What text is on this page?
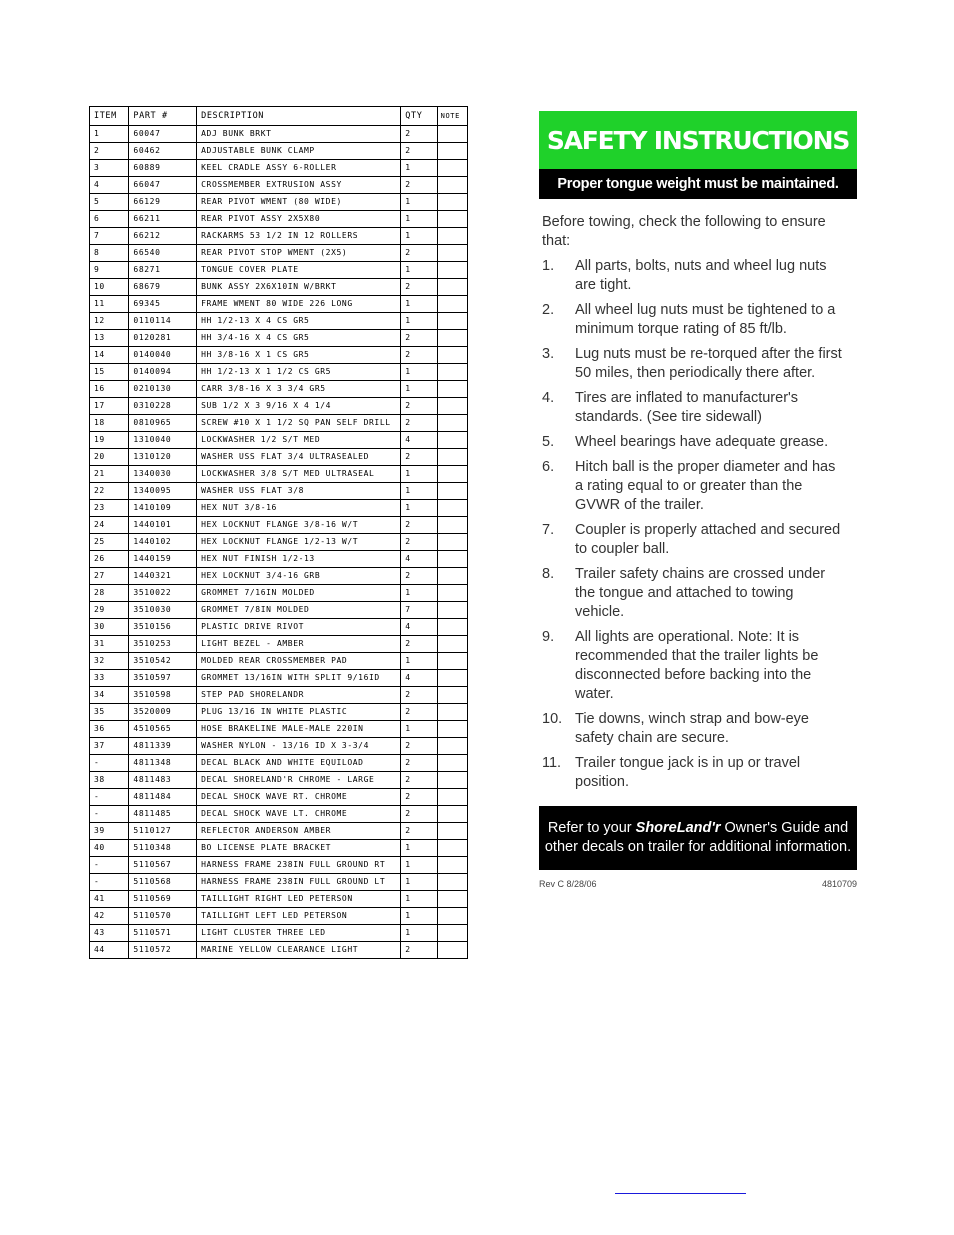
ITEM	PART #	DESCRIPTION	QTY	NOTE
1	60047	ADJ BUNK BRKT	2	
2	60462	ADJUSTABLE BUNK CLAMP	2	
3	60889	KEEL CRADLE ASSY 6-ROLLER	1	
4	66047	CROSSMEMBER EXTRUSION ASSY	2	
5	66129	REAR PIVOT WMENT (80 WIDE)	1	
6	66211	REAR PIVOT ASSY 2X5X80	1	
7	66212	RACKARMS 53 1/2 IN 12 ROLLERS	1	
8	66540	REAR PIVOT STOP WMENT (2X5)	2	
9	68271	TONGUE COVER PLATE	1	
10	68679	BUNK ASSY 2X6X10IN W/BRKT	2	
11	69345	FRAME WMENT 80 WIDE 226 LONG	1	
12	0110114	HH 1/2-13 X 4 CS GR5	1	
13	0120281	HH 3/4-16 X 4 CS GR5	2	
14	0140040	HH 3/8-16 X 1 CS GR5	2	
15	0140094	HH 1/2-13 X 1 1/2 CS GR5	1	
16	0210130	CARR 3/8-16 X 3 3/4 GR5	1	
17	0310228	SUB 1/2 X 3 9/16 X 4 1/4	2	
18	0810965	SCREW #10 X 1 1/2 SQ PAN SELF DRILL	2	
19	1310040	LOCKWASHER 1/2 S/T MED	4	
20	1310120	WASHER USS FLAT 3/4 ULTRASEALED	2	
21	1340030	LOCKWASHER 3/8 S/T MED ULTRASEAL	1	
22	1340095	WASHER USS FLAT 3/8	1	
23	1410109	HEX NUT 3/8-16	1	
24	1440101	HEX LOCKNUT FLANGE 3/8-16 W/T	2	
25	1440102	HEX LOCKNUT FLANGE 1/2-13 W/T	2	
26	1440159	HEX NUT FINISH 1/2-13	4	
27	1440321	HEX LOCKNUT 3/4-16 GRB	2	
28	3510022	GROMMET 7/16IN MOLDED	1	
29	3510030	GROMMET 7/8IN MOLDED	7	
30	3510156	PLASTIC DRIVE RIVOT	4	
31	3510253	LIGHT BEZEL - AMBER	2	
32	3510542	MOLDED REAR CROSSMEMBER PAD	1	
33	3510597	GROMMET 13/16IN WITH SPLIT 9/16ID	4	
34	3510598	STEP PAD SHORELANDR	2	
35	3520009	PLUG 13/16 IN WHITE PLASTIC	2	
36	4510565	HOSE BRAKELINE MALE-MALE 220IN	1	
37	4811339	WASHER NYLON - 13/16 ID X 3-3/4	2	
-	4811348	DECAL BLACK AND WHITE EQUILOAD	2	
38	4811483	DECAL SHORELAND'R CHROME - LARGE	2	
-	4811484	DECAL SHOCK WAVE RT. CHROME	2	
-	4811485	DECAL SHOCK WAVE LT. CHROME	2	
39	5110127	REFLECTOR ANDERSON AMBER	2	
40	5110348	BO LICENSE PLATE BRACKET	1	
-	5110567	HARNESS FRAME 238IN FULL GROUND RT	1	
-	5110568	HARNESS FRAME 238IN FULL GROUND LT	1	
41	5110569	TAILLIGHT RIGHT LED PETERSON	1	
42	5110570	TAILLIGHT LEFT LED PETERSON	1	
43	5110571	LIGHT CLUSTER THREE LED	1	
44	5110572	MARINE YELLOW CLEARANCE LIGHT	2	
SAFETY INSTRUCTIONS
Proper tongue weight must be maintained.
Before towing, check the following to ensure that:
1.	All parts, bolts, nuts and wheel lug nuts are tight.
2.	All wheel lug nuts must be tightened to a minimum torque rating of 85 ft/lb.
3.	Lug nuts must be re-torqued after the first 50 miles, then periodically there after.
4.	Tires are inflated to manufacturer's standards. (See tire sidewall)
5.	Wheel bearings have adequate grease.
6.	Hitch ball is the proper diameter and has a rating equal to or greater than the GVWR of the trailer.
7.	Coupler is properly attached and secured to coupler ball.
8.	Trailer safety chains are crossed under the tongue and attached to towing vehicle.
9.	All lights are operational. Note: It is recommended that the trailer lights be disconnected before backing into the water.
10. Tie downs, winch strap and bow-eye safety chain are secure.
11. Trailer tongue jack is in up or travel position.
Refer to your ShoreLand'r Owner's Guide and other decals on trailer for additional information.
Rev C 8/28/06	4810709
